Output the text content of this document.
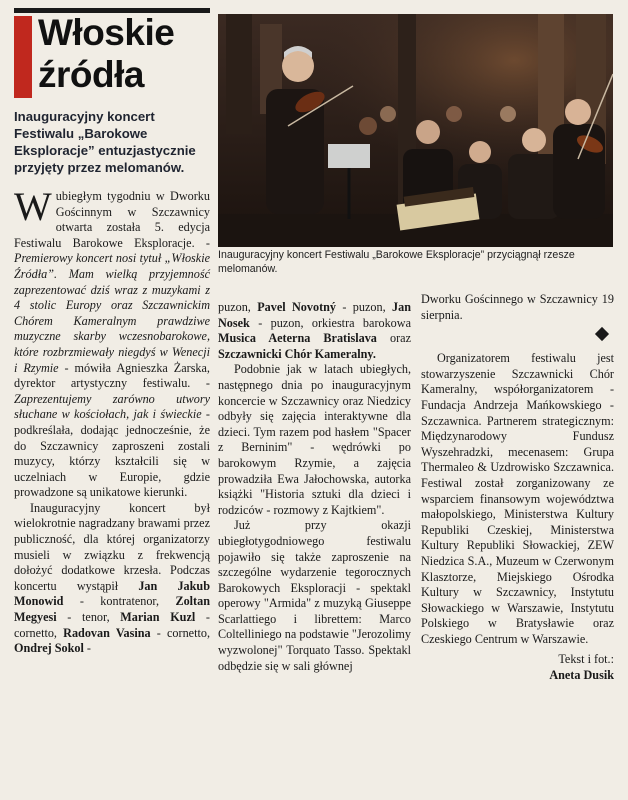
Włoskie
źródła
Inauguracyjny koncert Festiwalu „Barokowe Eksploracje” entuzjastycznie przyjęty przez melomanów.
Inauguracyjny koncert Festiwalu „Barokowe Eksploracje” przyciągnął rzesze melomanów.

Wubiegłym tygodniu w Dworku Gościnnym w Szczawnicy otwarta została 5. edycja Festiwalu Barokowe Eksploracje. - Premierowy koncert nosi tytuł „Włoskie Źródła”. Mam wielką przyjemność zaprezentować dziś wraz z muzykami z 4 stolic Europy oraz Szczawnickim Chórem Kameralnym prawdziwe muzyczne skarby wczesnobarokowe, które rozbrzmiewały niegdyś w Wenecji i Rzymie - mówiła Agnieszka Żarska, dyrektor artystyczny festiwalu. - Zaprezentujemy zarówno utwory słuchane w kościołach, jak i świeckie - podkreślała, dodając jednocześnie, że do Szczawnicy zaproszeni zostali muzycy, którzy kształcili się w uczelniach w Europie, gdzie prowadzone są unikatowe kierunki.

Inauguracyjny koncert był wielokrotnie nagradzany brawami przez publiczność, dla której organizatorzy musieli w związku z frekwencją dołożyć dodatkowe krzesła. Podczas koncertu wystąpił Jan Jakub Monowid - kontratenor, Zoltan Megyesi - tenor, Marian Kuzl - cornetto, Radovan Vasina - cornetto, Ondrej Sokol -

puzon, Pavel Novotný - puzon, Jan Nosek - puzon, orkiestra barokowa Musica Aeterna Bratislava oraz Szczawnicki Chór Kameralny.

Podobnie jak w latach ubiegłych, następnego dnia po inauguracyjnym koncercie w Szczawnicy oraz Niedzicy odbyły się zajęcia interaktywne dla dzieci. Tym razem pod hasłem "Spacer z Berninim" - wędrówki po barokowym Rzymie, a zajęcia prowadziła Ewa Jałochowska, autorka książki "Historia sztuki dla dzieci i rodziców - rozmowy z Kajtkiem".

Już przy okazji ubiegłotygodniowego festiwalu pojawiło się także zaproszenie na szczególne wydarzenie tegorocznych Barokowych Eksploracji - spektakl operowy "Armida" z muzyką Giuseppe Scarlattiego i librettem: Marco Coltelliniego na podstawie "Jerozolimy wyzwolonej" Torquato Tasso. Spektakl odbędzie się w sali głównej

Dworku Gościnnego w Szczawnicy 19 sierpnia.

Organizatorem festiwalu jest stowarzyszenie Szczawnicki Chór Kameralny, współorganizatorem - Fundacja Andrzeja Mańkowskiego - Szczawnica. Partnerem strategicznym: Międzynarodowy Fundusz Wyszehradzki, mecenasem: Grupa Thermaleo & Uzdrowisko Szczawnica. Festiwal został zorganizowany ze wsparciem finansowym województwa małopolskiego, Ministerstwa Kultury Republiki Czeskiej, Ministerstwa Kultury Republiki Słowackiej, ZEW Niedzica S.A., Muzeum w Czerwonym Klasztorze, Miejskiego Ośrodka Kultury w Szczawnicy, Instytutu Słowackiego w Warszawie, Instytutu Polskiego w Bratysławie oraz Czeskiego Centrum w Warszawie.

Tekst i fot.:
Aneta Dusik
